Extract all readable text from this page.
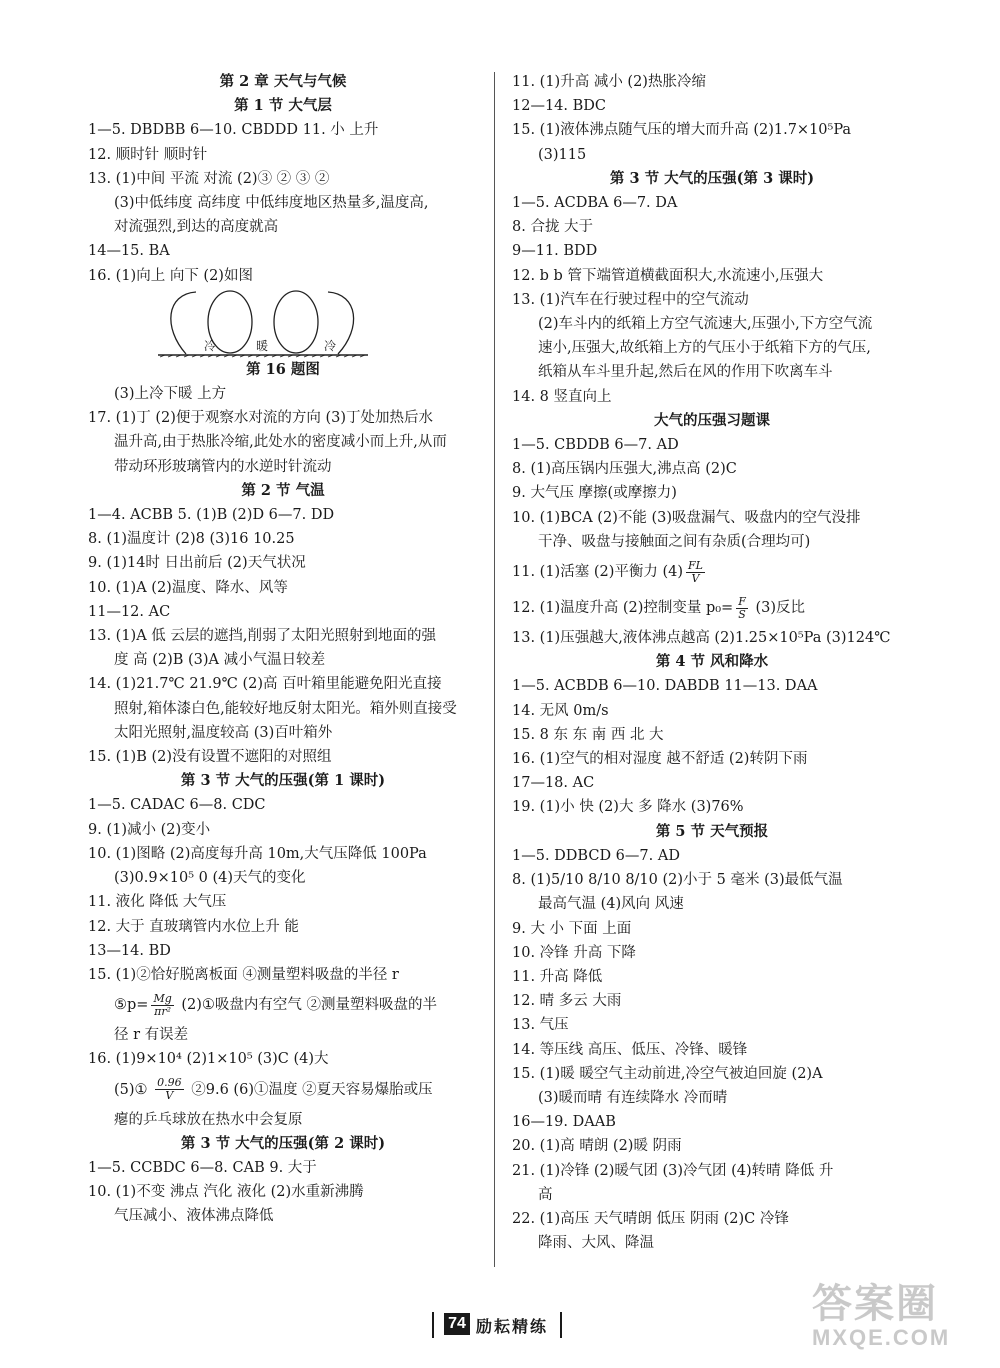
第 2 章 天气与气候
第 1 节 大气层
1—5. DBDBB 6—10. CBDDD 11. 小 上升
12. 顺时针 顺时针
13. (1)中间 平流 对流 (2)③ ② ③ ②
(3)中低纬度 高纬度 中低纬度地区热量多,温度高,
对流强烈,到达的高度就高
14—15. BA
16. (1)向上 向下 (2)如图
冷	暖	冷
第 16 题图
(3)上冷下暖 上方
17. (1)丁 (2)便于观察水对流的方向 (3)丁处加热后水
温升高,由于热胀冷缩,此处水的密度减小而上升,从而
带动环形玻璃管内的水逆时针流动
第 2 节 气温
1—4. ACBB 5. (1)B (2)D 6—7. DD
8. (1)温度计 (2)8 (3)16 10.25
9. (1)14时 日出前后 (2)天气状况
10. (1)A (2)温度、降水、风等
11—12. AC
13. (1)A 低 云层的遮挡,削弱了太阳光照射到地面的强
度 高 (2)B (3)A 减小气温日较差
14. (1)21.7℃ 21.9℃ (2)高 百叶箱里能避免阳光直接
照射,箱体漆白色,能较好地反射太阳光。箱外则直接受
太阳光照射,温度较高 (3)百叶箱外
15. (1)B (2)没有设置不遮阳的对照组
第 3 节 大气的压强(第 1 课时)
1—5. CADAC 6—8. CDC
9. (1)减小 (2)变小
10. (1)图略 (2)高度每升高 10m,大气压降低 100Pa
(3)0.9×10⁵ 0 (4)天气的变化
11. 液化 降低 大气压
12. 大于 直玻璃管内水位上升 能
13—14. BD
15. (1)②恰好脱离板面 ④测量塑料吸盘的半径 r
⑤p= $\frac{Mg}{\text{πr²}}$ (2)①吸盘内有空气 ②测量塑料吸盘的半
径 r 有误差
16. (1)9×10⁴ (2)1×10⁵ (3)C (4)大
(5)① $\frac{0.96}{V}$ ②9.6 (6)①温度 ②夏天容易爆胎或压
瘪的乒乓球放在热水中会复原
第 3 节 大气的压强(第 2 课时)
1—5. CCBDC 6—8. CAB 9. 大于
10. (1)不变 沸点 汽化 液化 (2)水重新沸腾
气压减小、液体沸点降低
11. (1)升高 减小 (2)热胀冷缩
12—14. BDC
15. (1)液体沸点随气压的增大而升高 (2)1.7×10⁵Pa
(3)115
第 3 节 大气的压强(第 3 课时)
1—5. ACDBA 6—7. DA
8. 合拢 大于
9—11. BDD
12. b b 管下端管道横截面积大,水流速小,压强大
13. (1)汽车在行驶过程中的空气流动
(2)车斗内的纸箱上方空气流速大,压强小,下方空气流
速小,压强大,故纸箱上方的气压小于纸箱下方的气压,
纸箱从车斗里升起,然后在风的作用下吹离车斗
14. 8 竖直向上
大气的压强习题课
1—5. CBDDB 6—7. AD
8. (1)高压锅内压强大,沸点高 (2)C
9. 大气压 摩擦(或摩擦力)
10. (1)BCA (2)不能 (3)吸盘漏气、吸盘内的空气没排
干净、吸盘与接触面之间有杂质(合理均可)
11. (1)活塞 (2)平衡力 $(4) \frac{FL}{V}$
12. (1)温度升高 (2)控制变量 $p_0= \frac{F}{S} (3)$反比
13. (1)压强越大,液体沸点越高 (2)1.25×10⁵Pa (3)124℃
第 4 节 风和降水
1—5. ACBDB 6—10. DABDB 11—13. DAA
14. 无风 0m/s
15. 8 东 东 南 西 北 大
16. (1)空气的相对湿度 越不舒适 (2)转阴下雨
17—18. AC
19. (1)小 快 (2)大 多 降水 (3)76%
第 5 节 天气预报
1—5. DDBCD 6—7. AD
8. (1)5/10 8/10 8/10 (2)小于 5 毫米 (3)最低气温
最高气温 (4)风向 风速
9. 大 小 下面 上面
10. 冷锋 升高 下降
11. 升高 降低
12. 晴 多云 大雨
13. 气压
14. 等压线 高压、低压、冷锋、暖锋
15. (1)暖 暖空气主动前进,冷空气被迫回旋 (2)A
(3)暖而晴 有连续降水 冷而晴
16—19. DAAB
20. (1)高 晴朗 (2)暖 阴雨
21. (1)冷锋 (2)暖气团 (3)冷气团 (4)转晴 降低 升
高
22. (1)高压 天气晴朗 低压 阴雨 (2)C 冷锋
降雨、大风、降温
74 励耘精练
答案圈
MXQE.COM
